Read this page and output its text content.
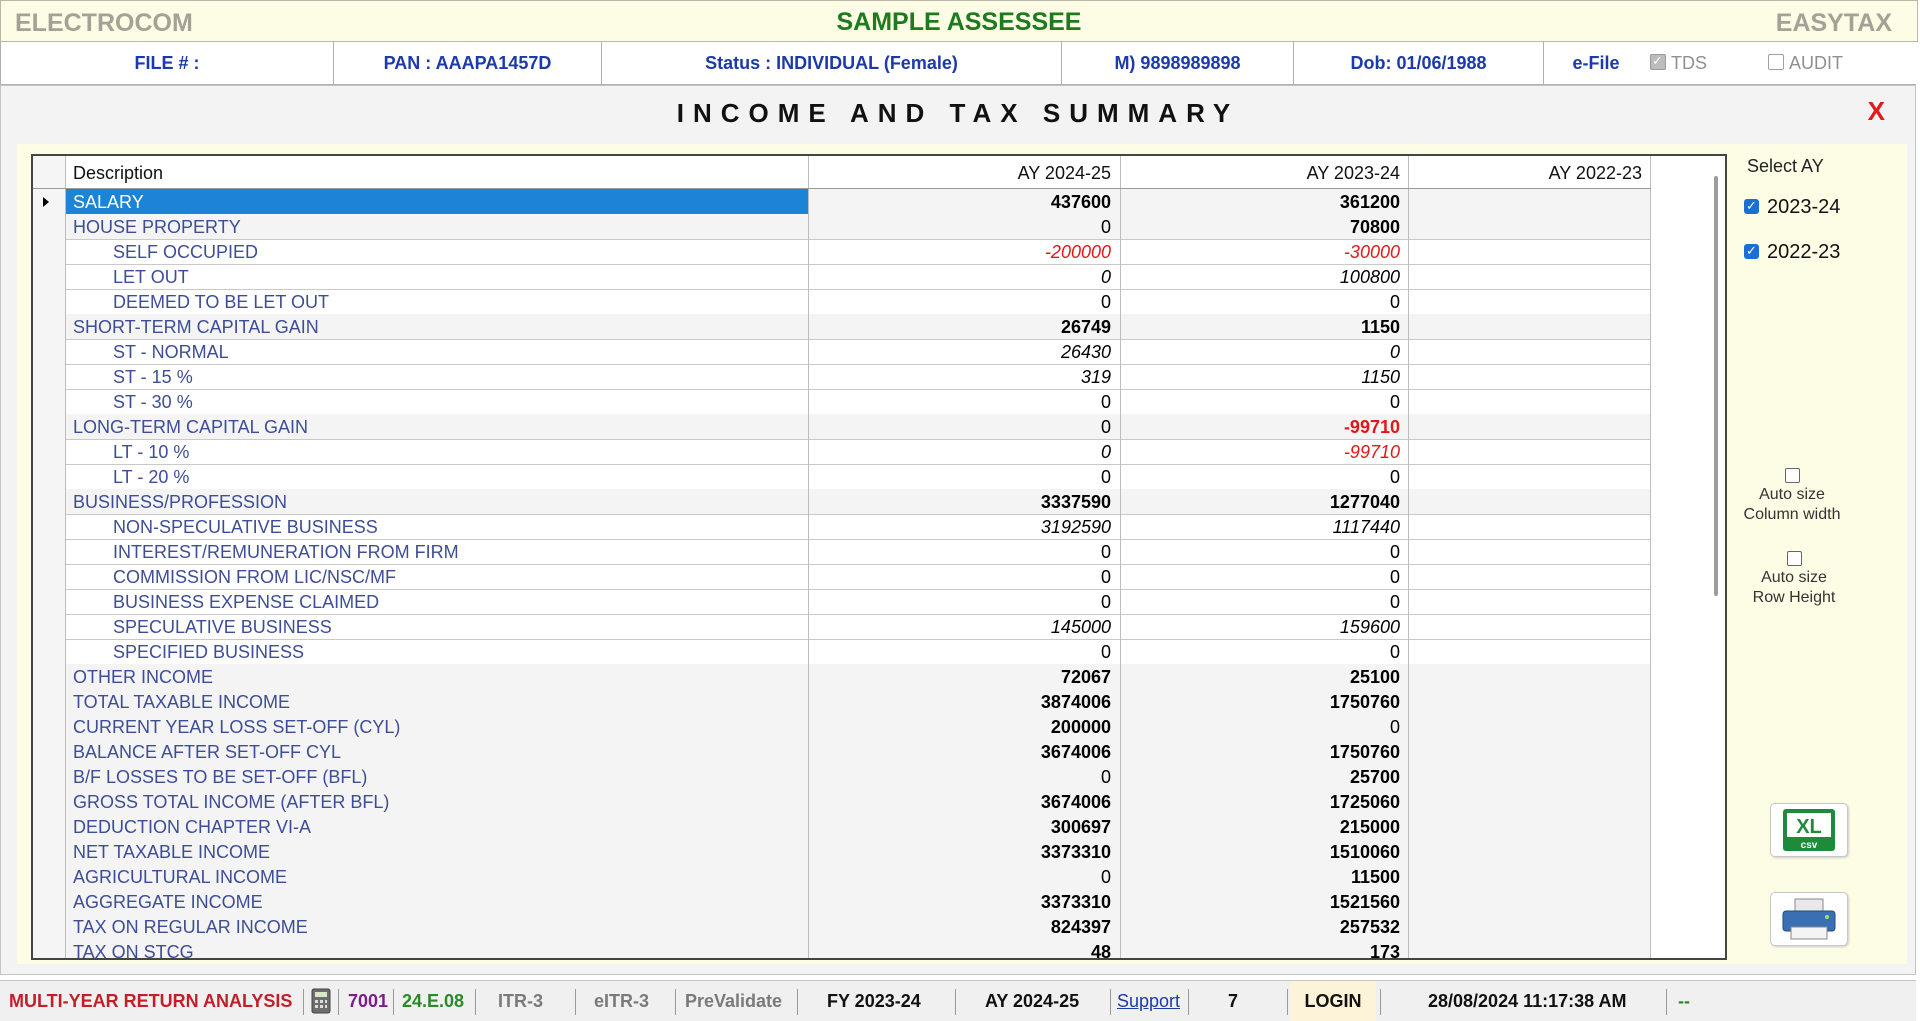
ELECTROCOM	SAMPLE ASSESSEE	EASYTAX
FILE # :	PAN : AAAPA1457D	Status : INDIVIDUAL (Female)	M) 9898989898	Dob: 01/06/1988	e-File
✓	TDS	AUDIT
INCOME AND TAX SUMMARY	X
Description	AY 2024-25	AY 2023-24	AY 2022-23
SALARY	437600	361200
HOUSE PROPERTY	0	70800
SELF OCCUPIED	-200000	-30000
LET OUT	0	100800
DEEMED TO BE LET OUT	0	0
SHORT-TERM CAPITAL GAIN	26749	1150
ST - NORMAL	26430	0
ST - 15 %	319	1150
ST - 30 %	0	0
LONG-TERM CAPITAL GAIN	0	-99710
LT - 10 %	0	-99710
LT - 20 %	0	0
BUSINESS/PROFESSION	3337590	1277040
NON-SPECULATIVE BUSINESS	3192590	1117440
INTEREST/REMUNERATION FROM FIRM	0	0
COMMISSION FROM LIC/NSC/MF	0	0
BUSINESS EXPENSE CLAIMED	0	0
SPECULATIVE BUSINESS	145000	159600
SPECIFIED BUSINESS	0	0
OTHER INCOME	72067	25100
TOTAL TAXABLE INCOME	3874006	1750760
CURRENT YEAR LOSS SET-OFF (CYL)	200000	0
BALANCE AFTER SET-OFF CYL	3674006	1750760
B/F LOSSES TO BE SET-OFF (BFL)	0	25700
GROSS TOTAL INCOME (AFTER BFL)	3674006	1725060
DEDUCTION CHAPTER VI-A	300697	215000
NET TAXABLE INCOME	3373310	1510060
AGRICULTURAL INCOME	0	11500
AGGREGATE INCOME	3373310	1521560
TAX ON REGULAR INCOME	824397	257532
TAX ON STCG	48	173
Select AY
✓2023-24
✓2022-23
Auto size
Column width
Auto size
Row Height
XL
csv
MULTI-YEAR RETURN ANALYSIS	7001 24.E.08 ITR-3	eITR-3 PreValidate FY 2023-24	AY 2024-25 Support	7	LOGIN	28/08/2024 11:17:38 AM	--
